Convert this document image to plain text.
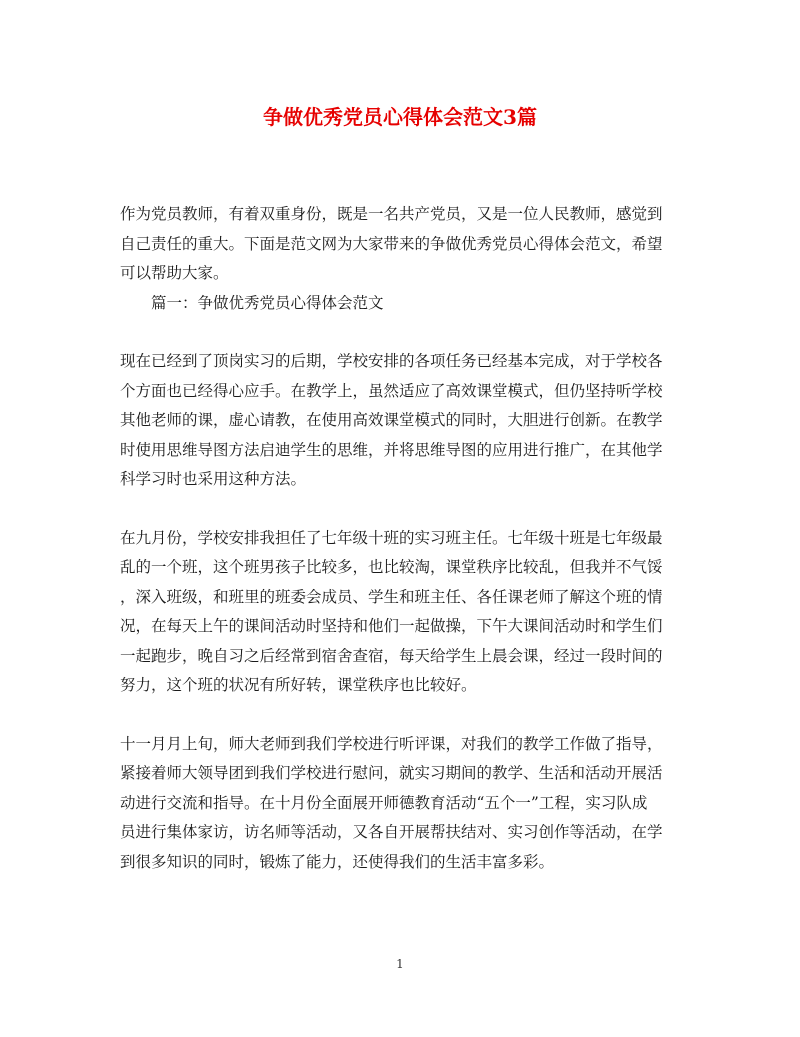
争做优秀党员心得体会范文3篇

作为党员教师，有着双重身份，既是一名共产党员，又是一位人民教师，感觉到
自己责任的重大。下面是范文网为大家带来的争做优秀党员心得体会范文，希望
可以帮助大家。

篇一：争做优秀党员心得体会范文

现在已经到了顶岗实习的后期，学校安排的各项任务已经基本完成，对于学校各
个方面也已经得心应手。在教学上，虽然适应了高效课堂模式，但仍坚持听学校
其他老师的课，虚心请教，在使用高效课堂模式的同时，大胆进行创新。在教学
时使用思维导图方法启迪学生的思维，并将思维导图的应用进行推广，在其他学
科学习时也采用这种方法。

在九月份，学校安排我担任了七年级十班的实习班主任。七年级十班是七年级最
乱的一个班，这个班男孩子比较多，也比较淘，课堂秩序比较乱，但我并不气馁
，深入班级，和班里的班委会成员、学生和班主任、各任课老师了解这个班的情
况，在每天上午的课间活动时坚持和他们一起做操，下午大课间活动时和学生们
一起跑步，晚自习之后经常到宿舍查宿，每天给学生上晨会课，经过一段时间的
努力，这个班的状况有所好转，课堂秩序也比较好。

十一月月上旬，师大老师到我们学校进行听评课，对我们的教学工作做了指导，
紧接着师大领导团到我们学校进行慰问，就实习期间的教学、生活和活动开展活
动进行交流和指导。在十月份全面展开师德教育活动“五个一”工程，实习队成
员进行集体家访，访名师等活动，又各自开展帮扶结对、实习创作等活动，在学
到很多知识的同时，锻炼了能力，还使得我们的生活丰富多彩。

1
